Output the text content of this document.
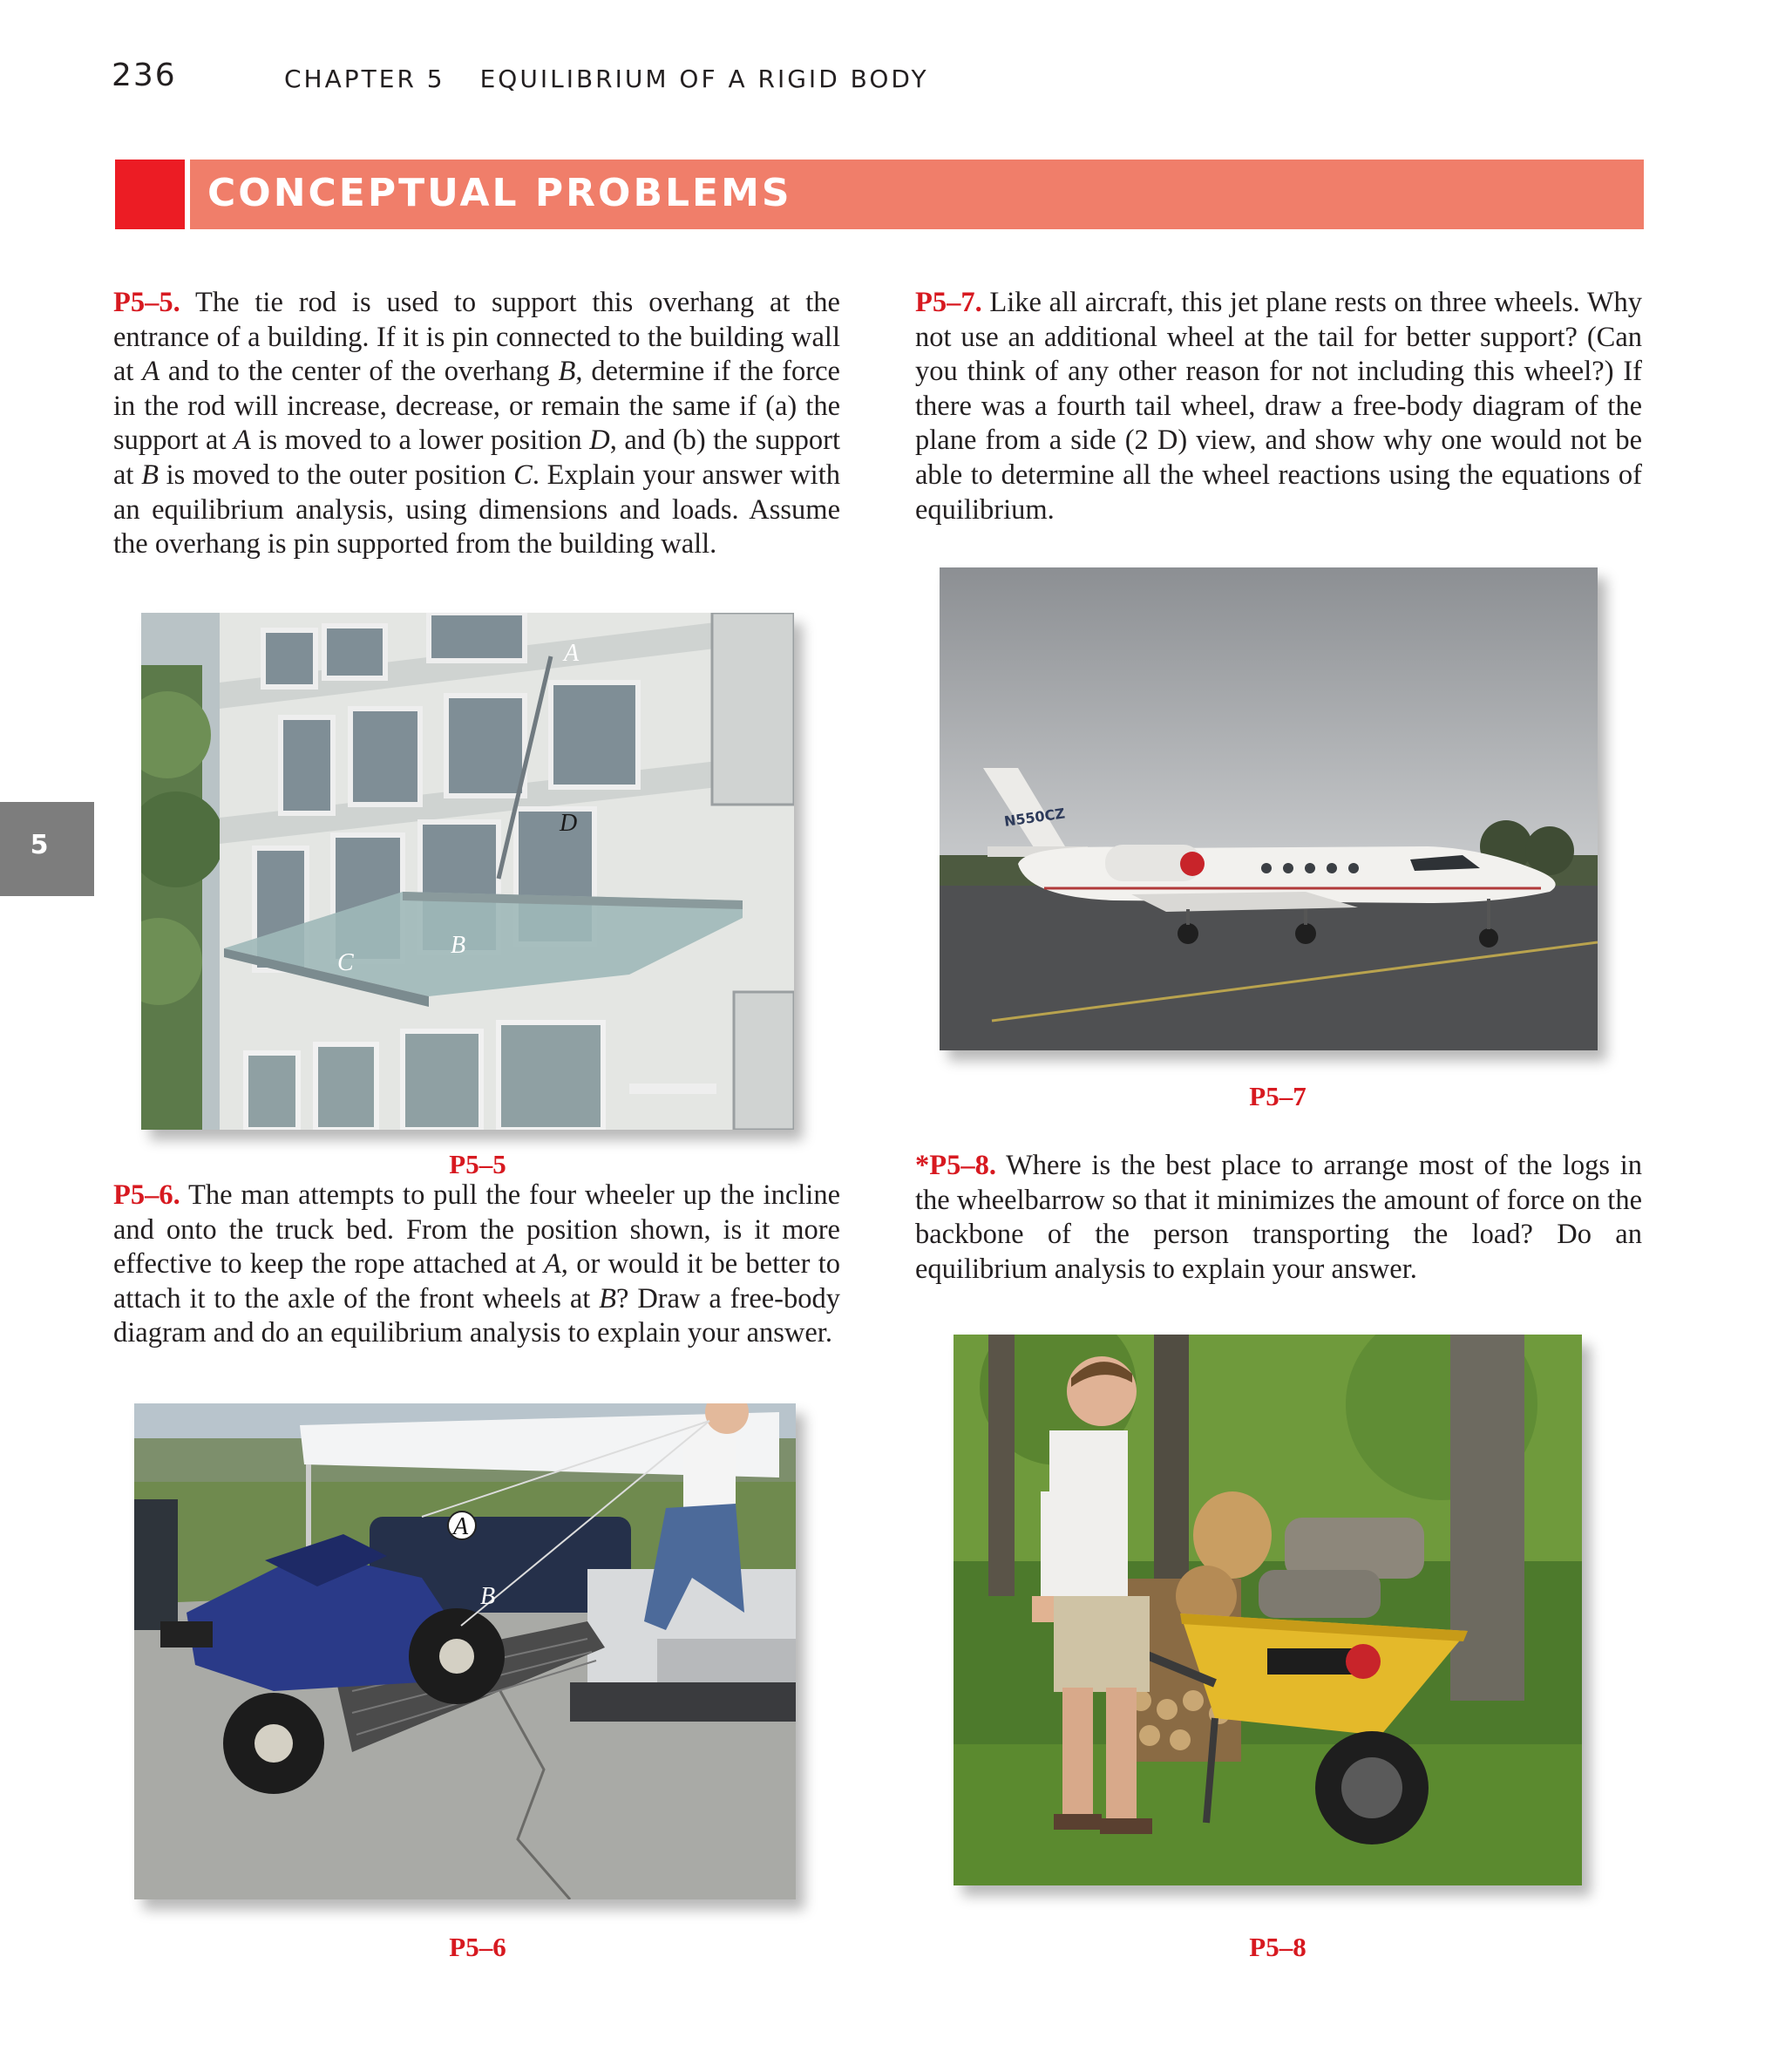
236	CHAPTER 5 EQUILIBRIUM OF A RIGID BODY
CONCEPTUAL PROBLEMS
5
P5–5. The tie rod is used to support this overhang at the entrance of a building. If it is pin connected to the building wall at A and to the center of the overhang B, determine if the force in the rod will increase, decrease, or remain the same if (a) the support at A is moved to a lower position D, and (b) the support at B is moved to the outer position C. Explain your answer with an equilibrium analysis, using dimensions and loads. Assume the overhang is pin supported from the building wall.
A
D
B
C
P5–5
P5–6. The man attempts to pull the four wheeler up the incline and onto the truck bed. From the position shown, is it more effective to keep the rope attached at A, or would it be better to attach it to the axle of the front wheels at B? Draw a free-body diagram and do an equilibrium analysis to explain your answer.
A
B
P5–6
P5–7. Like all aircraft, this jet plane rests on three wheels. Why not use an additional wheel at the tail for better support? (Can you think of any other reason for not including this wheel?) If there was a fourth tail wheel, draw a free-body diagram of the plane from a side (2 D) view, and show why one would not be able to determine all the wheel reactions using the equations of equilibrium.
N550CZ
P5–7
*P5–8. Where is the best place to arrange most of the logs in the wheelbarrow so that it minimizes the amount of force on the backbone of the person transporting the load? Do an equilibrium analysis to explain your answer.
P5–8
